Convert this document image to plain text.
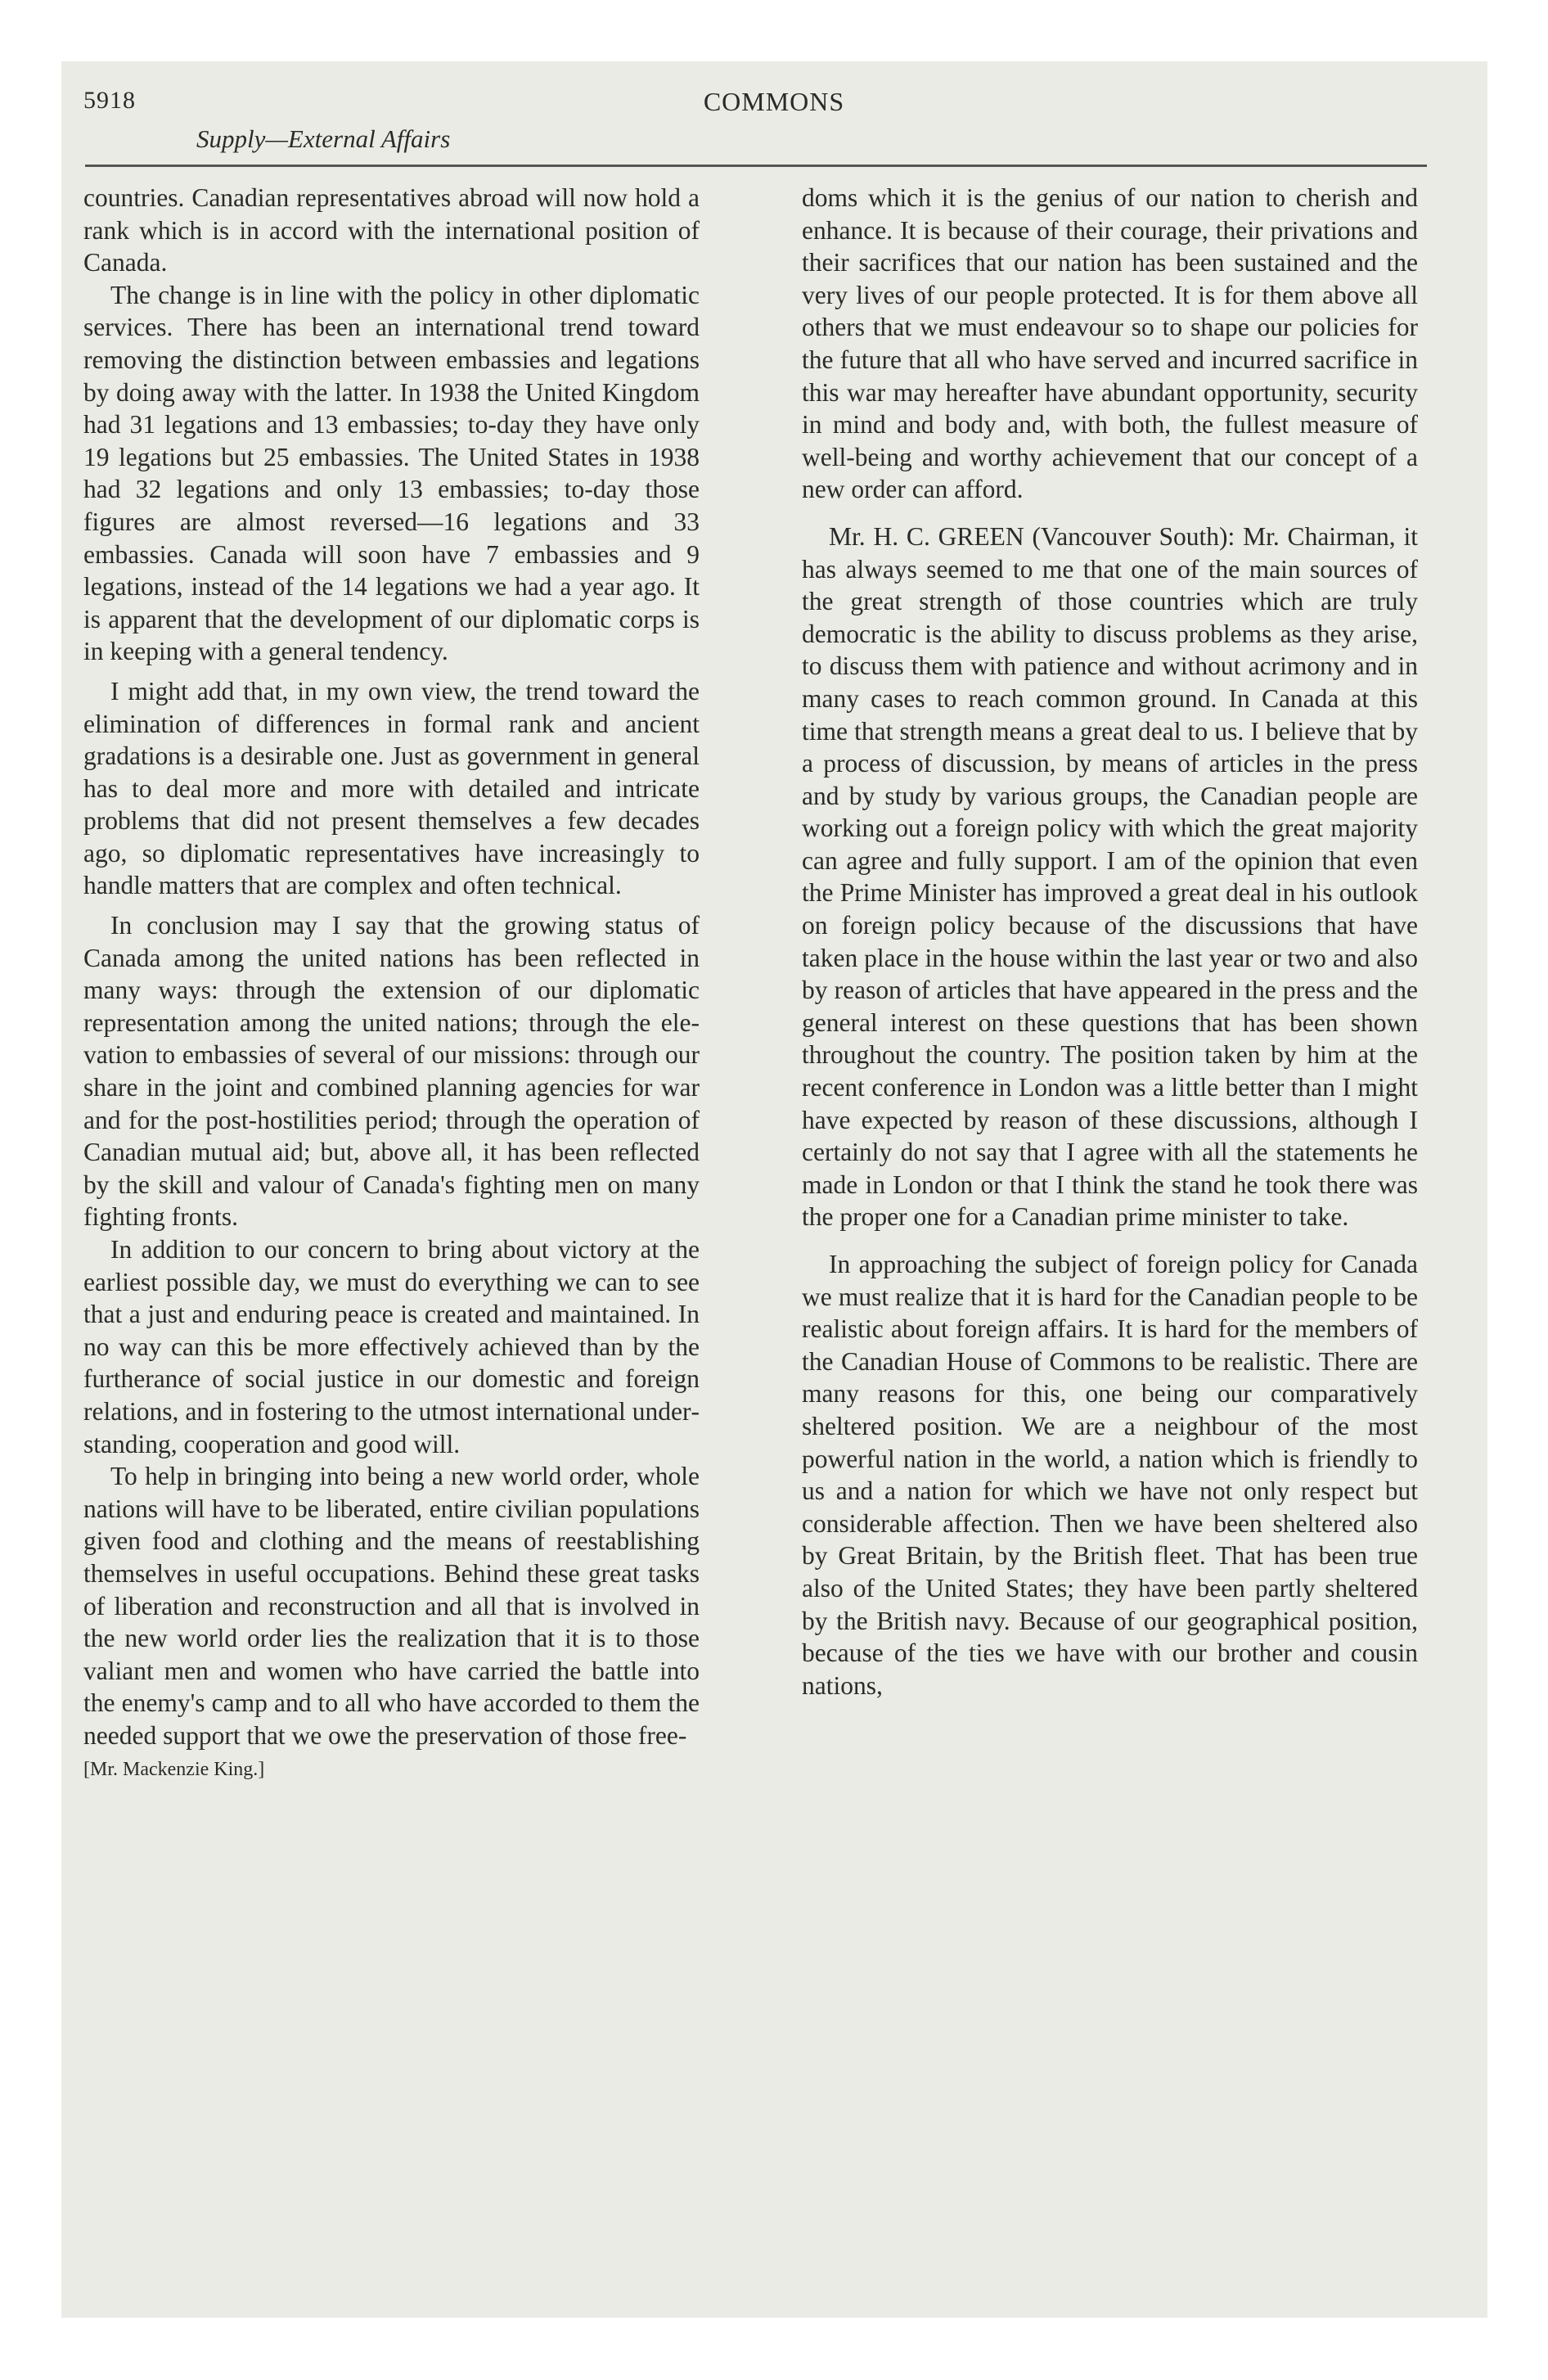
5918	COMMONS
Supply—External Affairs

countries. Canadian representatives abroad will now hold a rank which is in accord with the international position of Canada.

The change is in line with the policy in other diplomatic services. There has been an international trend toward removing the distinction between embassies and legations by doing away with the latter. In 1938 the United Kingdom had 31 legations and 13 embassies; to-day they have only 19 legations but 25 embassies. The United States in 1938 had 32 legations and only 13 embassies; to-day those figures are almost reversed—16 legations and 33 embassies. Canada will soon have 7 embassies and 9 legations, instead of the 14 legations we had a year ago. It is apparent that the development of our diplomatic corps is in keeping with a general tendency.

I might add that, in my own view, the trend toward the elimination of differences in formal rank and ancient gradations is a desirable one. Just as government in general has to deal more and more with detailed and intricate problems that did not present themselves a few decades ago, so diplomatic representatives have increasingly to handle matters that are complex and often technical.

In conclusion may I say that the growing status of Canada among the united nations has been reflected in many ways: through the extension of our diplomatic representation among the united nations; through the elevation to embassies of several of our missions: through our share in the joint and combined planning agencies for war and for the post-hostilities period; through the operation of Canadian mutual aid; but, above all, it has been reflected by the skill and valour of Canada's fighting men on many fighting fronts.

In addition to our concern to bring about victory at the earliest possible day, we must do everything we can to see that a just and enduring peace is created and maintained. In no way can this be more effectively achieved than by the furtherance of social justice in our domestic and foreign relations, and in fostering to the utmost international understanding, cooperation and good will.

To help in bringing into being a new world order, whole nations will have to be liberated, entire civilian populations given food and clothing and the means of reestablishing themselves in useful occupations. Behind these great tasks of liberation and reconstruction and all that is involved in the new world order lies the realization that it is to those valiant men and women who have carried the battle into the enemy's camp and to all who have accorded to them the needed support that we owe the preservation of those free-

[Mr. Mackenzie King.]

doms which it is the genius of our nation to cherish and enhance. It is because of their courage, their privations and their sacrifices that our nation has been sustained and the very lives of our people protected. It is for them above all others that we must endeavour so to shape our policies for the future that all who have served and incurred sacrifice in this war may hereafter have abundant opportunity, security in mind and body and, with both, the fullest measure of well-being and worthy achievement that our concept of a new order can afford.

Mr. H. C. GREEN (Vancouver South): Mr. Chairman, it has always seemed to me that one of the main sources of the great strength of those countries which are truly democratic is the ability to discuss problems as they arise, to discuss them with patience and without acrimony and in many cases to reach common ground. In Canada at this time that strength means a great deal to us. I believe that by a process of discussion, by means of articles in the press and by study by various groups, the Canadian people are working out a foreign policy with which the great majority can agree and fully support. I am of the opinion that even the Prime Minister has improved a great deal in his outlook on foreign policy because of the discussions that have taken place in the house within the last year or two and also by reason of articles that have appeared in the press and the general interest on these questions that has been shown throughout the country. The position taken by him at the recent conference in London was a little better than I might have expected by reason of these discussions, although I certainly do not say that I agree with all the statements he made in London or that I think the stand he took there was the proper one for a Canadian prime minister to take.

In approaching the subject of foreign policy for Canada we must realize that it is hard for the Canadian people to be realistic about foreign affairs. It is hard for the members of the Canadian House of Commons to be realistic. There are many reasons for this, one being our comparatively sheltered position. We are a neighbour of the most powerful nation in the world, a nation which is friendly to us and a nation for which we have not only respect but considerable affection. Then we have been sheltered also by Great Britain, by the British fleet. That has been true also of the United States; they have been partly sheltered by the British navy. Because of our geographical position, because of the ties we have with our brother and cousin nations,
